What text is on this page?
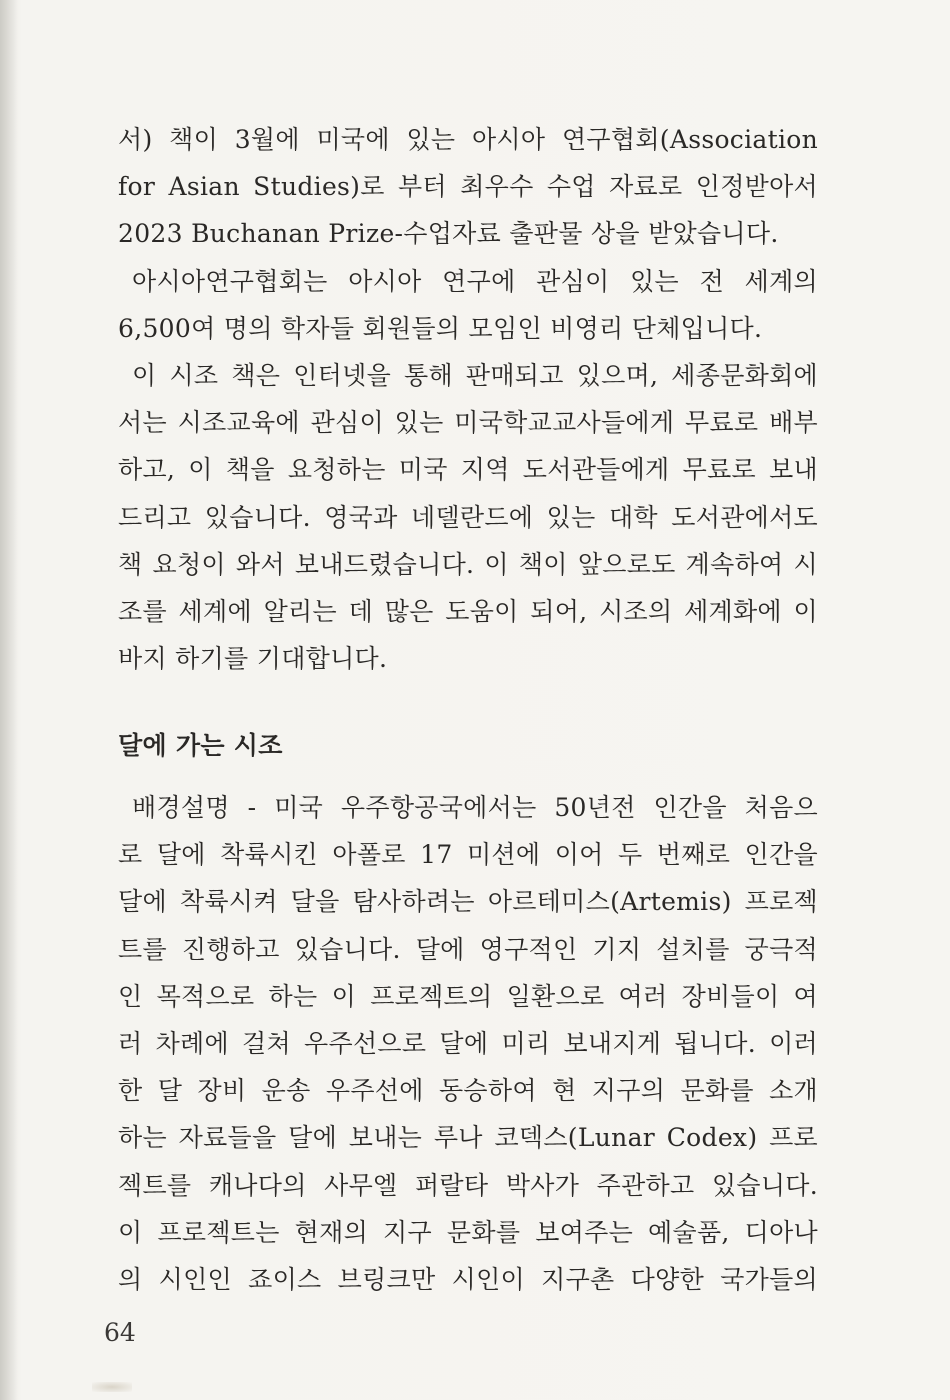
서) 책이 3월에 미국에 있는 아시아 연구협회(Association
for Asian Studies)로 부터 최우수 수업 자료로 인정받아서
2023 Buchanan Prize-수업자료 출판물 상을 받았습니다.
아시아연구협회는 아시아 연구에 관심이 있는 전 세계의
6,500여 명의 학자들 회원들의 모임인 비영리 단체입니다.
이 시조 책은 인터넷을 통해 판매되고 있으며, 세종문화회에
서는 시조교육에 관심이 있는 미국학교교사들에게 무료로 배부
하고, 이 책을 요청하는 미국 지역 도서관들에게 무료로 보내
드리고 있습니다. 영국과 네델란드에 있는 대학 도서관에서도
책 요청이 와서 보내드렸습니다. 이 책이 앞으로도 계속하여 시
조를 세계에 알리는 데 많은 도움이 되어, 시조의 세계화에 이
바지 하기를 기대합니다.
달에 가는 시조
배경설명 - 미국 우주항공국에서는 50년전 인간을 처음으
로 달에 착륙시킨 아폴로 17 미션에 이어 두 번째로 인간을
달에 착륙시켜 달을 탐사하려는 아르테미스(Artemis) 프로젝
트를 진행하고 있습니다. 달에 영구적인 기지 설치를 궁극적
인 목적으로 하는 이 프로젝트의 일환으로 여러 장비들이 여
러 차례에 걸쳐 우주선으로 달에 미리 보내지게 됩니다. 이러
한 달 장비 운송 우주선에 동승하여 현 지구의 문화를 소개
하는 자료들을 달에 보내는 루나 코덱스(Lunar Codex) 프로
젝트를 캐나다의 사무엘 퍼랄타 박사가 주관하고 있습니다.
이 프로젝트는 현재의 지구 문화를 보여주는 예술품, 디아나
의 시인인 죠이스 브링크만 시인이 지구촌 다양한 국가들의
64
